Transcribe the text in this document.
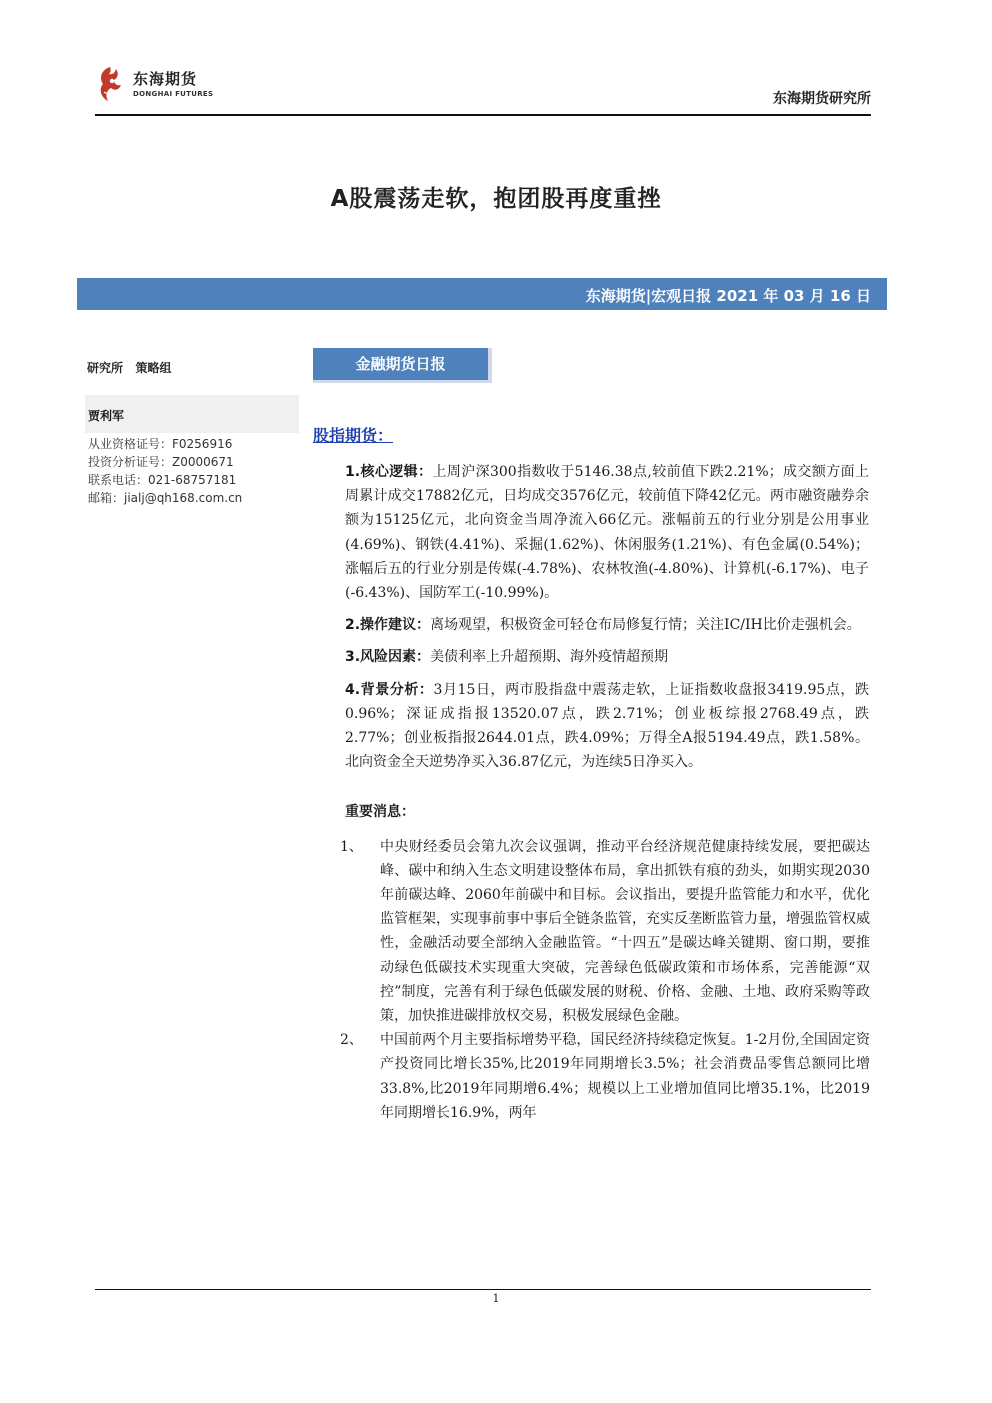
东海期货
DONGHAI FUTURES	东海期货研究所
A股震荡走软，抱团股再度重挫
东海期货|宏观日报 2021 年 03 月 16 日
研究所   策略组
贾利军
从业资格证号：F0256916
投资分析证号：Z0000671
联系电话：021-68757181
邮箱：jialj@qh168.com.cn
金融期货日报
股指期货：

1.核心逻辑：上周沪深300指数收于5146.38点,较前值下跌2.21%；成交额方面上周累计成交17882亿元，日均成交3576亿元，较前值下降42亿元。两市融资融券余额为15125亿元，北向资金当周净流入66亿元。涨幅前五的行业分别是公用事业(4.69%)、钢铁(4.41%)、采掘(1.62%)、休闲服务(1.21%)、有色金属(0.54%)；涨幅后五的行业分别是传媒(-4.78%)、农林牧渔(-4.80%)、计算机(-6.17%)、电子(-6.43%)、国防军工(-10.99%)。

2.操作建议：离场观望，积极资金可轻仓布局修复行情；关注IC/IH比价走强机会。

3.风险因素：美债利率上升超预期、海外疫情超预期

4.背景分析：3月15日，两市股指盘中震荡走软，上证指数收盘报3419.95点，跌0.96%；深证成指报13520.07点，跌2.71%；创业板综报2768.49点，跌2.77%；创业板指报2644.01点，跌4.09%；万得全A报5194.49点，跌1.58%。北向资金全天逆势净买入36.87亿元，为连续5日净买入。

重要消息：
1、	中央财经委员会第九次会议强调，推动平台经济规范健康持续发展，要把碳达峰、碳中和纳入生态文明建设整体布局，拿出抓铁有痕的劲头，如期实现2030年前碳达峰、2060年前碳中和目标。会议指出，要提升监管能力和水平，优化监管框架，实现事前事中事后全链条监管，充实反垄断监管力量，增强监管权威性，金融活动要全部纳入金融监管。“十四五”是碳达峰关键期、窗口期，要推动绿色低碳技术实现重大突破，完善绿色低碳政策和市场体系，完善能源“双控”制度，完善有利于绿色低碳发展的财税、价格、金融、土地、政府采购等政策，加快推进碳排放权交易，积极发展绿色金融。
2、	中国前两个月主要指标增势平稳，国民经济持续稳定恢复。1-2月份,全国固定资产投资同比增长35%,比2019年同期增长3.5%；社会消费品零售总额同比增33.8%,比2019年同期增6.4%；规模以上工业增加值同比增35.1%，比2019年同期增长16.9%，两年
1
